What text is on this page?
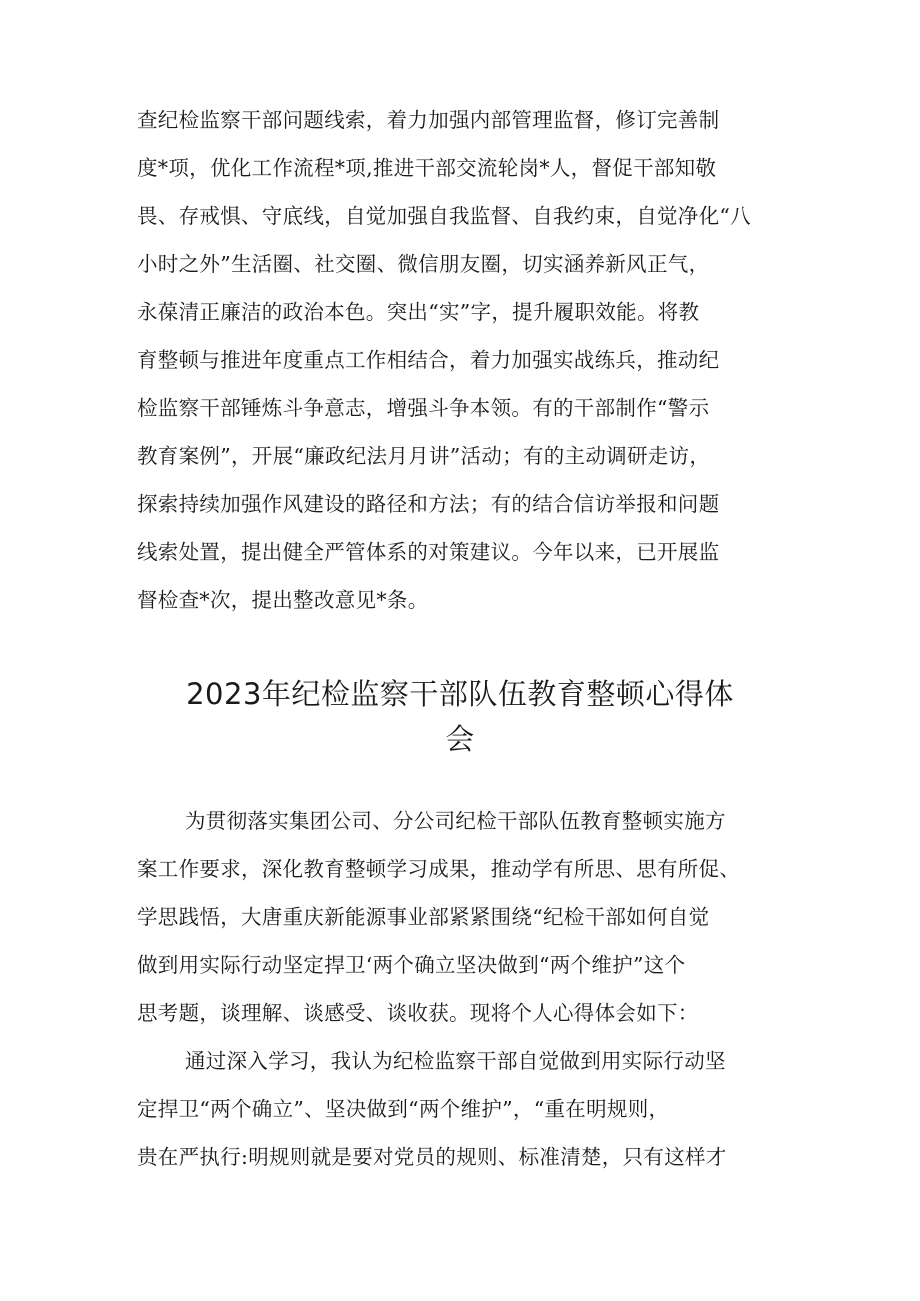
查纪检监察干部问题线索，着力加强内部管理监督，修订完善制
度*项，优化工作流程*项,推进干部交流轮岗*人，督促干部知敬
畏、存戒惧、守底线，自觉加强自我监督、自我约束，自觉净化“八
小时之外”生活圈、社交圈、微信朋友圈，切实涵养新风正气，
永葆清正廉洁的政治本色。突出“实”字，提升履职效能。将教
育整顿与推进年度重点工作相结合，着力加强实战练兵，推动纪
检监察干部锤炼斗争意志，增强斗争本领。有的干部制作“警示
教育案例”，开展“廉政纪法月月讲”活动；有的主动调研走访，
探索持续加强作风建设的路径和方法；有的结合信访举报和问题
线索处置，提出健全严管体系的对策建议。今年以来，已开展监
督检查*次，提出整改意见*条。
2023年纪检监察干部队伍教育整顿心得体
会
为贯彻落实集团公司、分公司纪检干部队伍教育整顿实施方
案工作要求，深化教育整顿学习成果，推动学有所思、思有所促、
学思践悟，大唐重庆新能源事业部紧紧围绕“纪检干部如何自觉
做到用实际行动坚定捍卫‘两个确立坚决做到“两个维护”这个
思考题，谈理解、谈感受、谈收获。现将个人心得体会如下：
通过深入学习，我认为纪检监察干部自觉做到用实际行动坚
定捍卫“两个确立”、坚决做到“两个维护”，“重在明规则，
贵在严执行:明规则就是要对党员的规则、标准清楚，只有这样才
